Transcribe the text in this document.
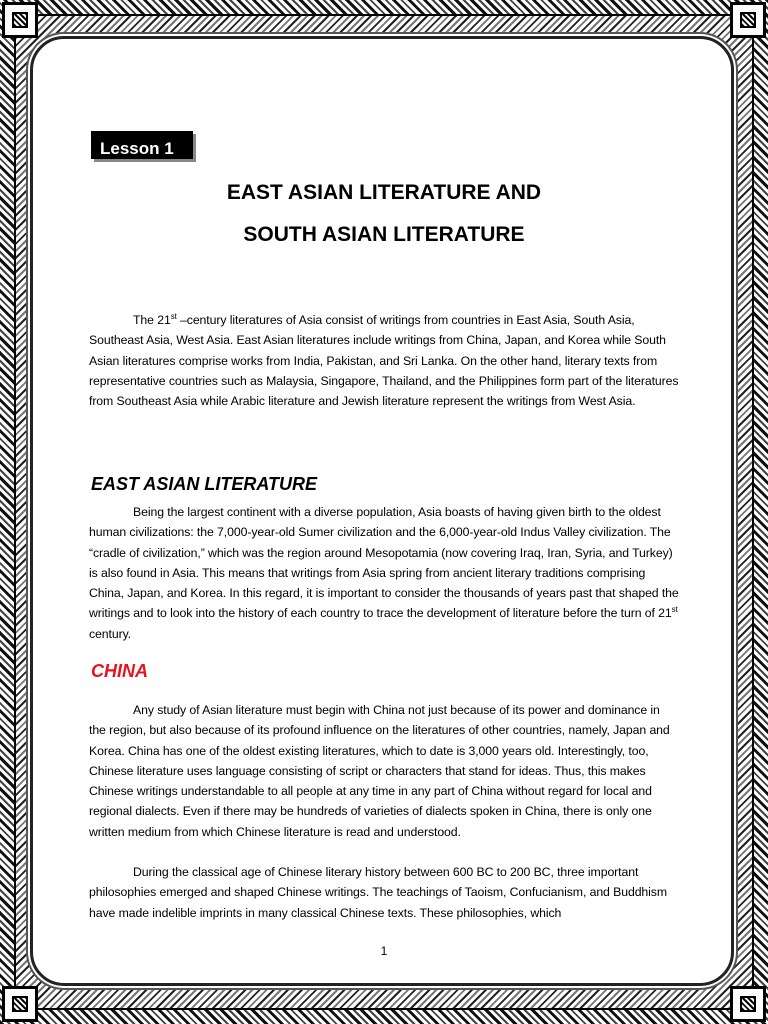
Lesson 1
EAST ASIAN LITERATURE AND
SOUTH ASIAN LITERATURE

The 21st –century literatures of Asia consist of writings from countries in East Asia, South Asia, Southeast Asia, West Asia. East Asian literatures include writings from China, Japan, and Korea while South Asian literatures comprise works from India, Pakistan, and Sri Lanka. On the other hand, literary texts from representative countries such as Malaysia, Singapore, Thailand, and the Philippines form part of the literatures from Southeast Asia while Arabic literature and Jewish literature represent the writings from West Asia.

EAST ASIAN LITERATURE

Being the largest continent with a diverse population, Asia boasts of having given birth to the oldest human civilizations: the 7,000-year-old Sumer civilization and the 6,000-year-old Indus Valley civilization. The “cradle of civilization,” which was the region around Mesopotamia (now covering Iraq, Iran, Syria, and Turkey) is also found in Asia. This means that writings from Asia spring from ancient literary traditions comprising China, Japan, and Korea. In this regard, it is important to consider the thousands of years past that shaped the writings and to look into the history of each country to trace the development of literature before the turn of 21st century.

CHINA

Any study of Asian literature must begin with China not just because of its power and dominance in the region, but also because of its profound influence on the literatures of other countries, namely, Japan and Korea. China has one of the oldest existing literatures, which to date is 3,000 years old. Interestingly, too, Chinese literature uses language consisting of script or characters that stand for ideas. Thus, this makes Chinese writings understandable to all people at any time in any part of China without regard for local and regional dialects. Even if there may be hundreds of varieties of dialects spoken in China, there is only one written medium from which Chinese literature is read and understood.

During the classical age of Chinese literary history between 600 BC to 200 BC, three important philosophies emerged and shaped Chinese writings. The teachings of Taoism, Confucianism, and Buddhism have made indelible imprints in many classical Chinese texts. These philosophies, which

1
